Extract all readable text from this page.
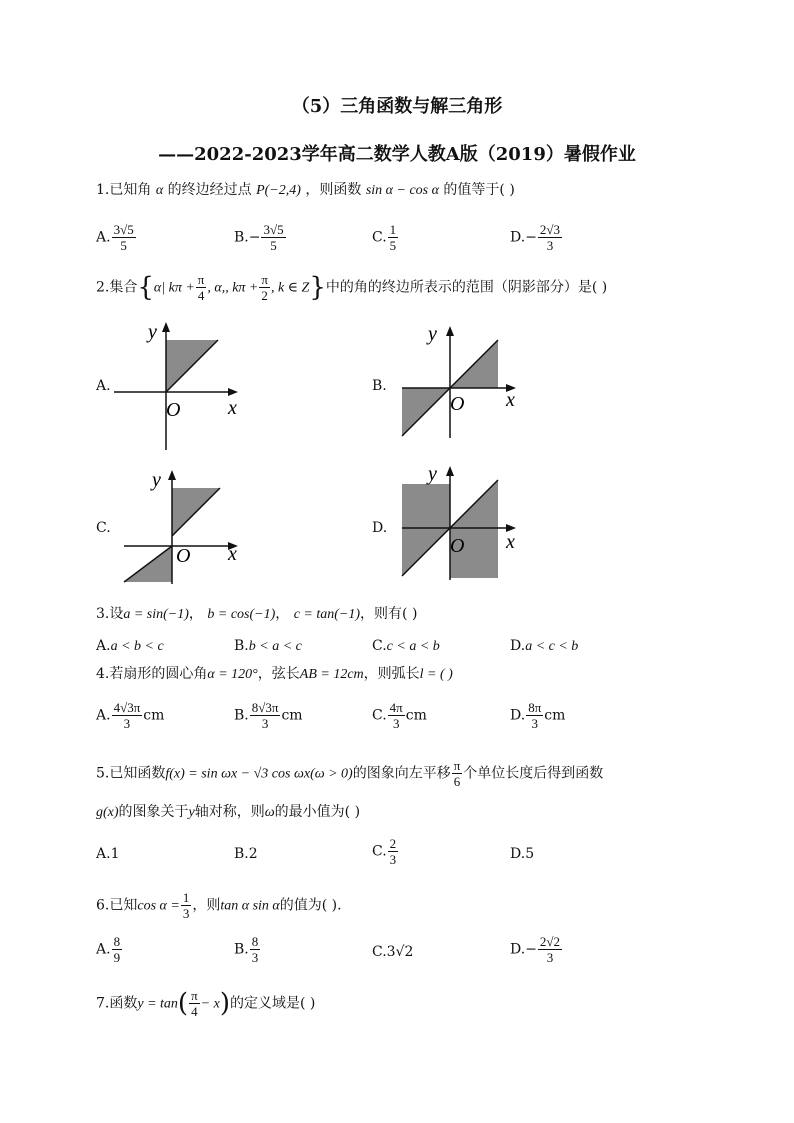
（5）三角函数与解三角形
——2022-2023学年高二数学人教A版（2019）暑假作业
1.已知角 α 的终边经过点 P(−2,4) ，则函数 sin α − cos α 的值等于( )
A. $\frac{3√5}{5}$	$B.- \frac{3√5}{5}$	C. $\frac{1}{5}$	$D.- \frac{2√3}{3}$
2.集合{α| $k\pi + \frac{\pi}{4}$ , α,, $k\pi + \frac{\pi}{2}$ , k ∈ Z}中的角的终边所表示的范围（阴影部分）是( )
A.	B.
C.	D.
x
y
O	x
y
O
x
y
O
x
y
O
3.设a = sin(−1)， b = cos(−1)， c = tan(−1)，则有( )
A.a < b < c	B.b < a < c	C.c < a < b	D.a < c < b
4.若扇形的圆心角α = 120°，弦长AB = 12cm，则弧长l = ( )
A. $\frac{4√3\pi}{3}$ cm	B. $\frac{8√3\pi}{3}$ cm	C. $\frac{4\pi}{3}$ cm	D. $\frac{8\pi}{3}$ cm
5.已知函数f(x) = sin ωx − √3 cos ωx(ω > 0)的图象向左平移 $\frac{\pi}{6}$ 个单位长度后得到函数
g(x)的图象关于y轴对称，则ω的最小值为( )
A.1	B.2	C. $\frac{2}{3}$	D.5
6.已知$\cos \alpha = \frac{1}{3}$ ，则tan α sin α的值为( ).
A. $\frac{8}{9}$	B. $\frac{8}{3}$	C.3√2	$D.- \frac{2√2}{3}$
7.函数$y = \tan( \frac{\pi}{4} - x)$的定义域是( )
